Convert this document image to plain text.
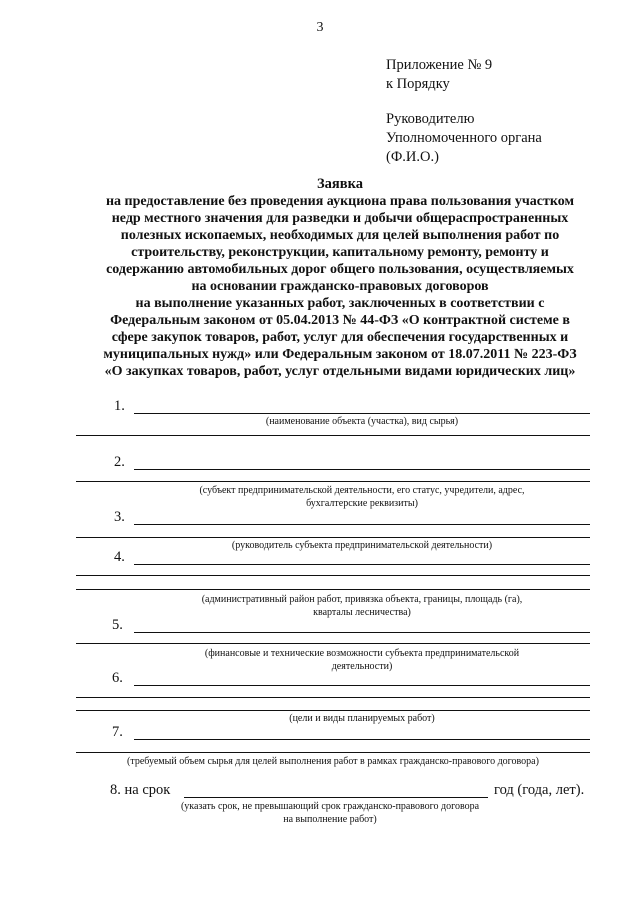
3
Приложение № 9
к Порядку
Руководителю
Уполномоченного органа
(Ф.И.О.)
Заявка
на предоставление без проведения аукциона права пользования участком
недр местного значения для разведки и добычи общераспространенных
полезных ископаемых, необходимых для целей выполнения работ по
строительству, реконструкции, капитальному ремонту, ремонту и
содержанию автомобильных дорог общего пользования, осуществляемых
на основании гражданско-правовых договоров
на выполнение указанных работ, заключенных в соответствии с
Федеральным законом от 05.04.2013 № 44-ФЗ «О контрактной системе в
сфере закупок товаров, работ, услуг для обеспечения государственных и
муниципальных нужд» или Федеральным законом от 18.07.2011 № 223-ФЗ
«О закупках товаров, работ, услуг отдельными видами юридических лиц»
1.
(наименование объекта (участка), вид сырья)
2.
(субъект предпринимательской деятельности, его статус, учредители, адрес,
бухгалтерские реквизиты)
3.
(руководитель субъекта предпринимательской деятельности)
4.
(административный район работ, привязка объекта, границы, площадь (га),
кварталы лесничества)
5.
(финансовые и технические возможности субъекта предпринимательской
деятельности)
6.
(цели и виды планируемых работ)
7.
(требуемый объем сырья для целей выполнения работ в рамках гражданско-правового договора)
8. на срок	год (года, лет).
(указать срок, не превышающий срок гражданско-правового договора
на выполнение работ)
